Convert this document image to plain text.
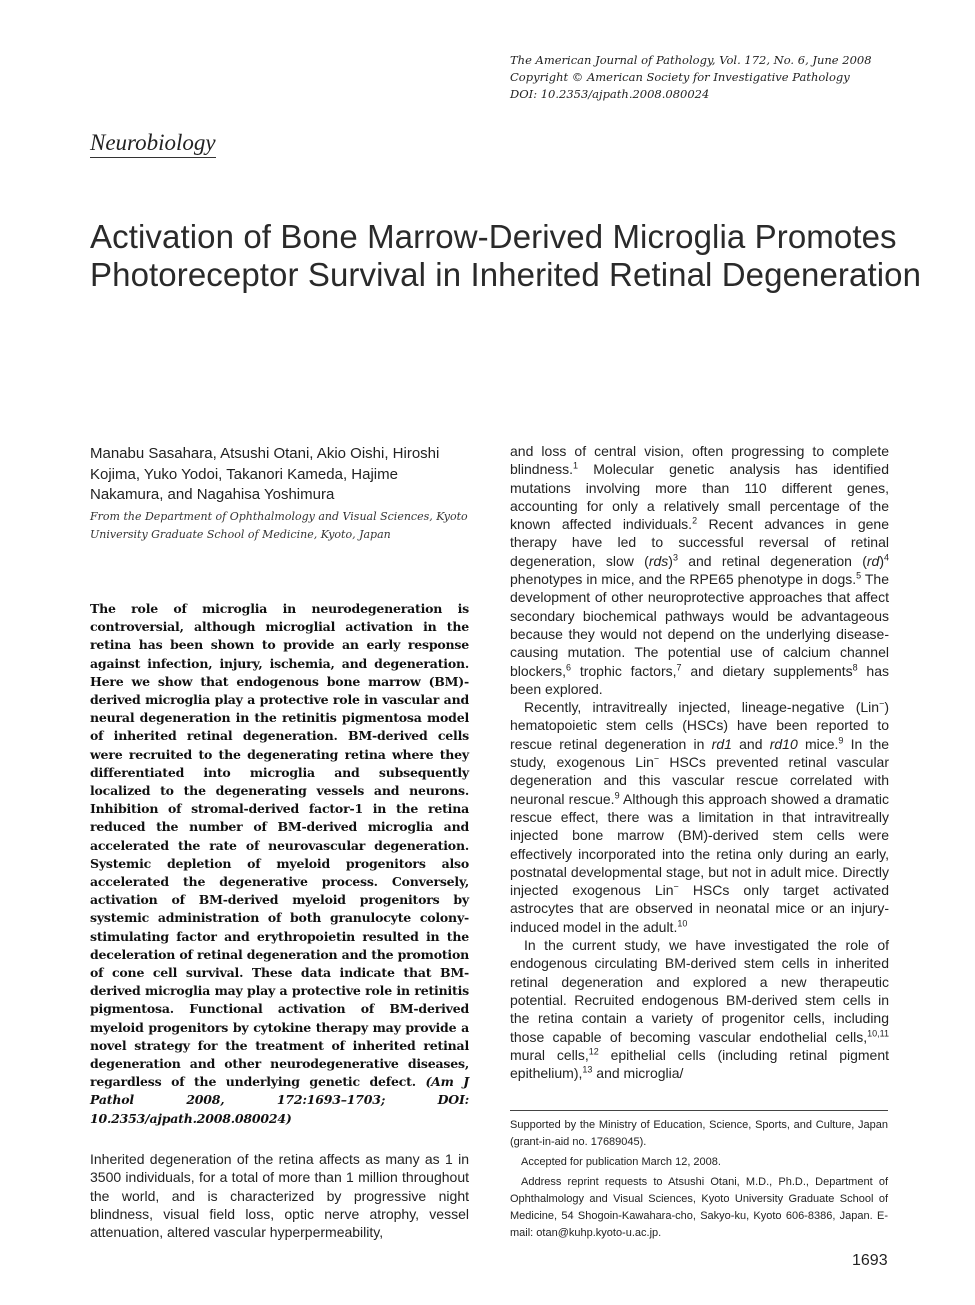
The American Journal of Pathology, Vol. 172, No. 6, June 2008
Copyright © American Society for Investigative Pathology
DOI: 10.2353/ajpath.2008.080024
Neurobiology
Activation of Bone Marrow-Derived Microglia Promotes Photoreceptor Survival in Inherited Retinal Degeneration
Manabu Sasahara, Atsushi Otani, Akio Oishi, Hiroshi Kojima, Yuko Yodoi, Takanori Kameda, Hajime Nakamura, and Nagahisa Yoshimura
From the Department of Ophthalmology and Visual Sciences, Kyoto University Graduate School of Medicine, Kyoto, Japan
The role of microglia in neurodegeneration is controversial, although microglial activation in the retina has been shown to provide an early response against infection, injury, ischemia, and degeneration. Here we show that endogenous bone marrow (BM)-derived microglia play a protective role in vascular and neural degeneration in the retinitis pigmentosa model of inherited retinal degeneration. BM-derived cells were recruited to the degenerating retina where they differentiated into microglia and subsequently localized to the degenerating vessels and neurons. Inhibition of stromal-derived factor-1 in the retina reduced the number of BM-derived microglia and accelerated the rate of neurovascular degeneration. Systemic depletion of myeloid progenitors also accelerated the degenerative process. Conversely, activation of BM-derived myeloid progenitors by systemic administration of both granulocyte colony-stimulating factor and erythropoietin resulted in the deceleration of retinal degeneration and the promotion of cone cell survival. These data indicate that BM-derived microglia may play a protective role in retinitis pigmentosa. Functional activation of BM-derived myeloid progenitors by cytokine therapy may provide a novel strategy for the treatment of inherited retinal degeneration and other neurodegenerative diseases, regardless of the underlying genetic defect. (Am J Pathol 2008, 172:1693–1703; DOI: 10.2353/ajpath.2008.080024)

Inherited degeneration of the retina affects as many as 1 in 3500 individuals, for a total of more than 1 million throughout the world, and is characterized by progressive night blindness, visual field loss, optic nerve atrophy, vessel attenuation, altered vascular hyperpermeability,

and loss of central vision, often progressing to complete blindness.$^1$ Molecular genetic analysis has identified mutations involving more than 110 different genes, accounting for only a relatively small percentage of the known affected individuals.$^2$ Recent advances in gene therapy have led to successful reversal of retinal degeneration, slow (rds)$^3$ and retinal degeneration (rd)$^4$ phenotypes in mice, and the RPE65 phenotype in dogs.$^5$ The development of other neuroprotective approaches that affect secondary biochemical pathways would be advantageous because they would not depend on the underlying disease-causing mutation. The potential use of calcium channel blockers,$^6$ trophic factors,$^7$ and dietary supplements$^8$ has been explored.

Recently, intravitreally injected, lineage-negative (Lin−) hematopoietic stem cells (HSCs) have been reported to rescue retinal degeneration in rd1 and rd10 mice.$^9$ In the study, exogenous Lin− HSCs prevented retinal vascular degeneration and this vascular rescue correlated with neuronal rescue.$^9$ Although this approach showed a dramatic rescue effect, there was a limitation in that intravitreally injected bone marrow (BM)-derived stem cells were effectively incorporated into the retina only during an early, postnatal developmental stage, but not in adult mice. Directly injected exogenous Lin− HSCs only target activated astrocytes that are observed in neonatal mice or an injury-induced model in the adult.$^{10}$

In the current study, we have investigated the role of endogenous circulating BM-derived stem cells in inherited retinal degeneration and explored a new therapeutic potential. Recruited endogenous BM-derived stem cells in the retina contain a variety of progenitor cells, including those capable of becoming vascular endothelial cells,$^{10,11}$ mural cells,$^{12}$ epithelial cells (including retinal pigment epithelium),$^{13}$ and microglia/

Supported by the Ministry of Education, Science, Sports, and Culture, Japan (grant-in-aid no. 17689045).

Accepted for publication March 12, 2008.

Address reprint requests to Atsushi Otani, M.D., Ph.D., Department of Ophthalmology and Visual Sciences, Kyoto University Graduate School of Medicine, 54 Shogoin-Kawahara-cho, Sakyo-ku, Kyoto 606-8386, Japan. E-mail: otan@kuhp.kyoto-u.ac.jp.

1693
